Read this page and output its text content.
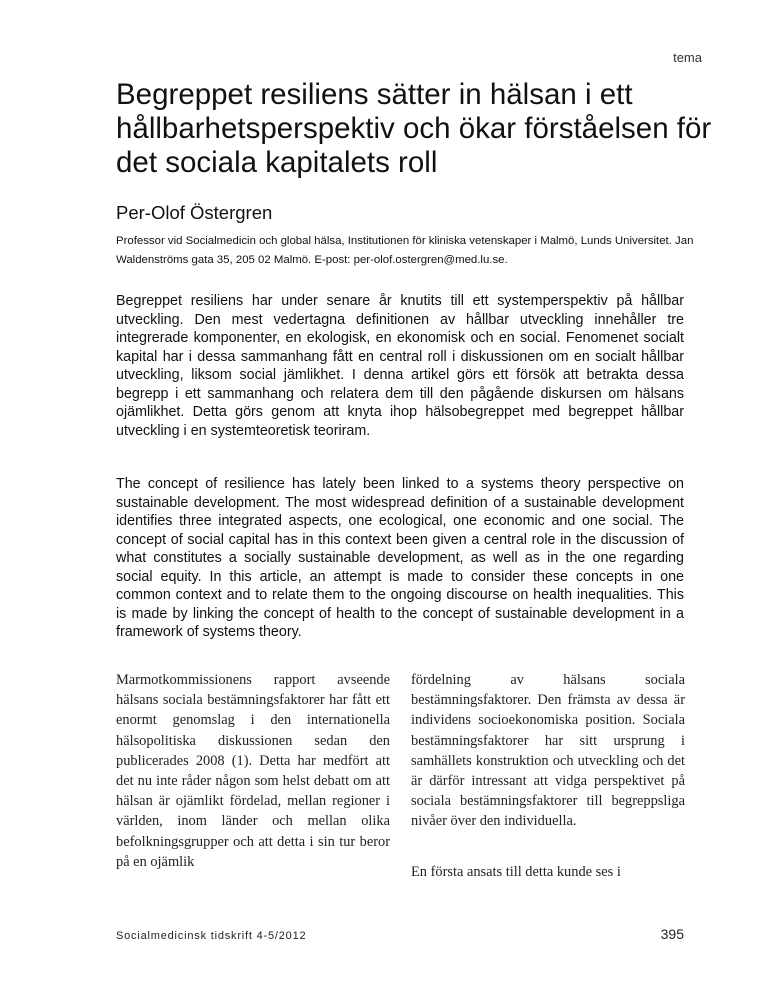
tema
Begreppet resiliens sätter in hälsan i ett hållbarhetsperspektiv och ökar förståelsen för det sociala kapitalets roll
Per-Olof Östergren
Professor vid Socialmedicin och global hälsa, Institutionen för kliniska vetenskaper i Malmö, Lunds Universitet. Jan Waldenströms gata 35, 205 02 Malmö. E-post: per-olof.ostergren@med.lu.se.

Begreppet resiliens har under senare år knutits till ett systemperspektiv på hållbar utveckling. Den mest vedertagna definitionen av hållbar utveckling innehåller tre integrerade komponenter, en ekologisk, en ekonomisk och en social. Fenomenet socialt kapital har i dessa sammanhang fått en central roll i diskussionen om en socialt hållbar utveckling, liksom social jämlikhet. I denna artikel görs ett försök att betrakta dessa begrepp i ett sammanhang och relatera dem till den pågående diskursen om hälsans ojämlikhet. Detta görs genom att knyta ihop hälsobegreppet med begreppet hållbar utveckling i en systemteoretisk teoriram.

The concept of resilience has lately been linked to a systems theory perspective on sustainable development. The most widespread definition of a sustainable development identifies three integrated aspects, one ecological, one economic and one social. The concept of social capital has in this context been given a central role in the discussion of what constitutes a socially sustainable development, as well as in the one regarding social equity. In this article, an attempt is made to consider these concepts in one common context and to relate them to the ongoing discourse on health inequalities. This is made by linking the concept of health to the concept of sustainable development in a framework of systems theory.

Marmotkommissionens rapport avseende hälsans sociala bestämningsfaktorer har fått ett enormt genomslag i den internationella hälsopolitiska diskussionen sedan den publicerades 2008 (1). Detta har medfört att det nu inte råder någon som helst debatt om att hälsan är ojämlikt fördelad, mellan regioner i världen, inom länder och mellan olika befolkningsgrupper och att detta i sin tur beror på en ojämlik

fördelning av hälsans sociala bestämningsfaktorer. Den främsta av dessa är individens socioekonomiska position. Sociala bestämningsfaktorer har sitt ursprung i samhällets konstruktion och utveckling och det är därför intressant att vidga perspektivet på sociala bestämningsfaktorer till begreppsliga nivåer över den individuella.

En första ansats till detta kunde ses i

Socialmedicinsk tidskrift 4-5/2012	395
